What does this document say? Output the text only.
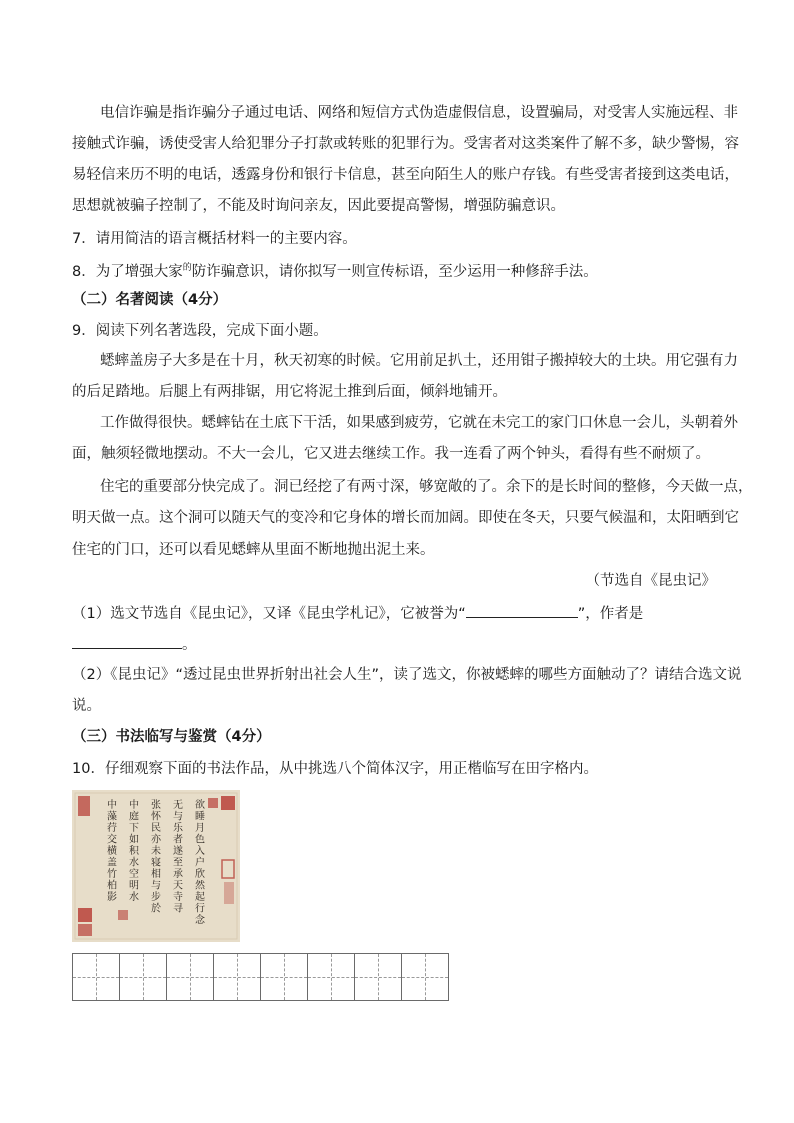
电信诈骗是指诈骗分子通过电话、网络和短信方式伪造虚假信息，设置骗局，对受害人实施远程、非
接触式诈骗，诱使受害人给犯罪分子打款或转账的犯罪行为。受害者对这类案件了解不多，缺少警惕，容
易轻信来历不明的电话，透露身份和银行卡信息，甚至向陌生人的账户存钱。有些受害者接到这类电话，
思想就被骗子控制了，不能及时询问亲友，因此要提高警惕，增强防骗意识。
7．请用简洁的语言概括材料一的主要内容。
8．为了增强大家$^的$防诈骗意识，请你拟写一则宣传标语，至少运用一种修辞手法。
（二）名著阅读（4分）
9．阅读下列名著选段，完成下面小题。
蟋蟀盖房子大多是在十月，秋天初寒的时候。它用前足扒土，还用钳子搬掉较大的土块。用它强有力
的后足踏地。后腿上有两排锯，用它将泥土推到后面，倾斜地铺开。
工作做得很快。蟋蟀钻在土底下干活，如果感到疲劳，它就在未完工的家门口休息一会儿，头朝着外
面，触须轻微地摆动。不大一会儿，它又进去继续工作。我一连看了两个钟头，看得有些不耐烦了。
住宅的重要部分快完成了。洞已经挖了有两寸深，够宽敞的了。余下的是长时间的整修，今天做一点，
明天做一点。这个洞可以随天气的变冷和它身体的增长而加阔。即使在冬天，只要气候温和，太阳晒到它
住宅的门口，还可以看见蟋蟀从里面不断地抛出泥土来。
（节选自《昆虫记》
（1）选文节选自《昆虫记》，又译《昆虫学札记》，它被誉为“	”，作者是
。
（2）《昆虫记》“透过昆虫世界折射出社会人生”，读了选文，你被蟋蟀的哪些方面触动了？请结合选文说
说。
（三）书法临写与鉴赏（4分）
10．仔细观察下面的书法作品，从中挑选八个简体汉字，用正楷临写在田字格内。
欲
睡
月
色
入
户
欣
然
起
行
念
无
与
乐
者
遂
至
承
天
寺
寻
张
怀
民
亦
未
寝
相
与
步
於
中
庭
下
如
积
水
空
明
水
中
藻
荇
交
横
盖
竹
柏
影
